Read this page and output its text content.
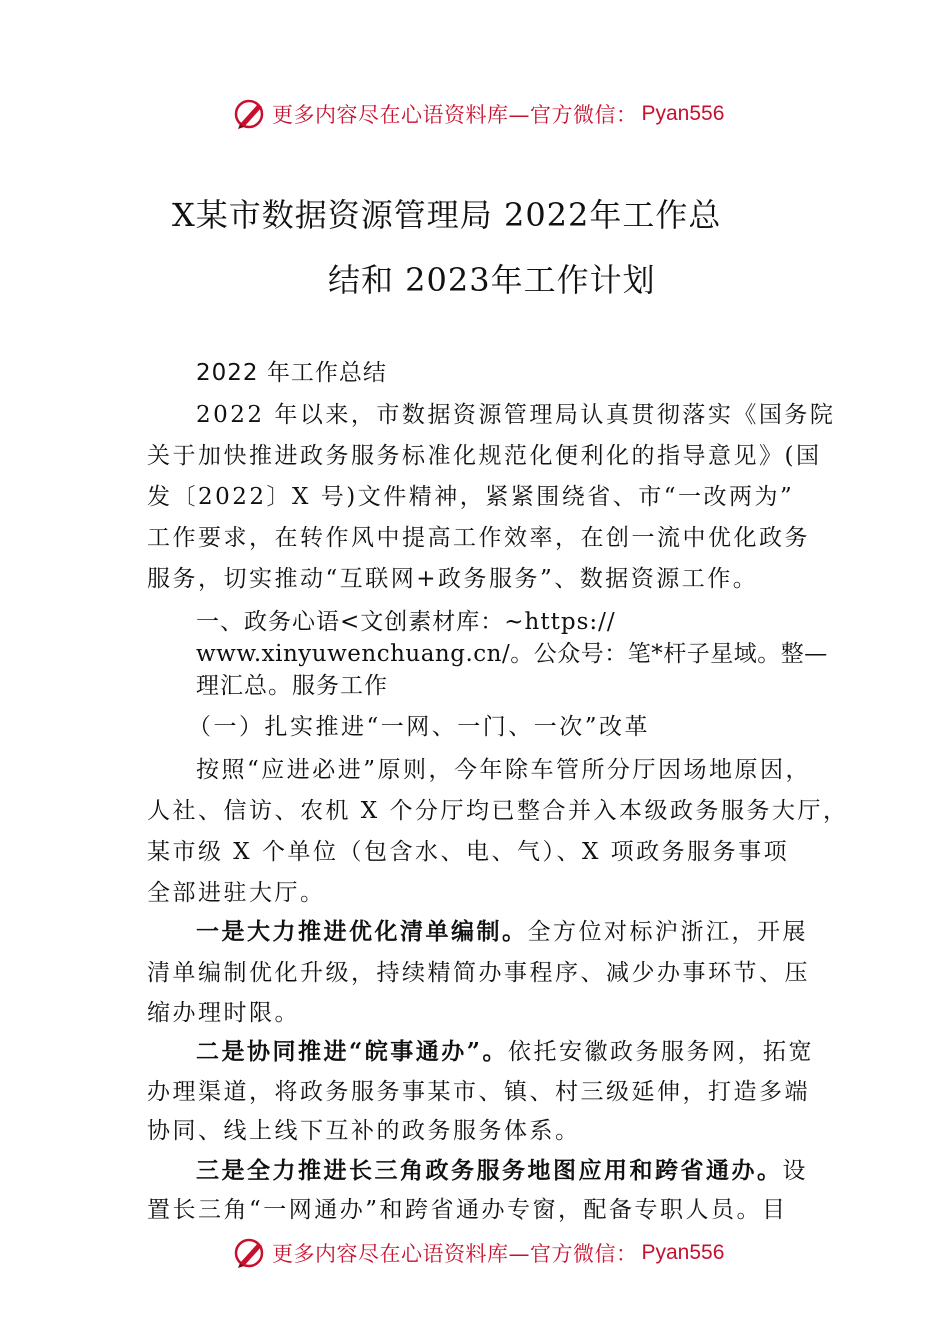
更多内容尽在心语资料库—官方微信： Pyan556
X某市数据资源管理局 2022年工作总
结和 2023年工作计划
2022 年工作总结
2022 年以来，市数据资源管理局认真贯彻落实《国务院
关于加快推进政务服务标准化规范化便利化的指导意见》(国
发〔2022〕X 号)文件精神，紧紧围绕省、市“一改两为”
工作要求，在转作风中提高工作效率，在创一流中优化政务
服务，切实推动“互联网+政务服务”、数据资源工作。
一、政务心语<文创素材库：~https://
www.xinyuwenchuang.cn/。公众号：笔*杆子星域。整—
理汇总。服务工作
（一）扎实推进“一网、一门、一次”改革
按照“应进必进”原则，今年除车管所分厅因场地原因，
人社、信访、农机 X 个分厅均已整合并入本级政务服务大厅，
某市级 X 个单位（包含水、电、气）、X 项政务服务事项
全部进驻大厅。
一是大力推进优化清单编制。全方位对标沪浙江，开展
清单编制优化升级，持续精简办事程序、减少办事环节、压
缩办理时限。
二是协同推进“皖事通办”。依托安徽政务服务网，拓宽
办理渠道，将政务服务事某市、镇、村三级延伸，打造多端
协同、线上线下互补的政务服务体系。
三是全力推进长三角政务服务地图应用和跨省通办。设
置长三角“一网通办”和跨省通办专窗，配备专职人员。目
更多内容尽在心语资料库—官方微信： Pyan556
